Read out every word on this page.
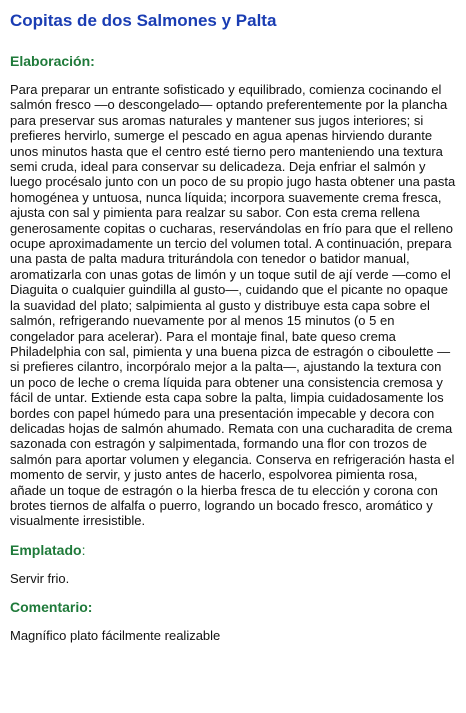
Copitas de dos Salmones y Palta
Elaboración:

Para preparar un entrante sofisticado y equilibrado, comienza cocinando el salmón fresco —o descongelado— optando preferentemente por la plancha para preservar sus aromas naturales y mantener sus jugos interiores; si prefieres hervirlo, sumerge el pescado en agua apenas hirviendo durante unos minutos hasta que el centro esté tierno pero manteniendo una textura semi cruda, ideal para conservar su delicadeza. Deja enfriar el salmón y luego procésalo junto con un poco de su propio jugo hasta obtener una pasta homogénea y untuosa, nunca líquida; incorpora suavemente crema fresca, ajusta con sal y pimienta para realzar su sabor. Con esta crema rellena generosamente copitas o cucharas, reservándolas en frío para que el relleno ocupe aproximadamente un tercio del volumen total. A continuación, prepara una pasta de palta madura triturándola con tenedor o batidor manual, aromatizarla con unas gotas de limón y un toque sutil de ají verde —como el Diaguita o cualquier guindilla al gusto—, cuidando que el picante no opaque la suavidad del plato; salpimienta al gusto y distribuye esta capa sobre el salmón, refrigerando nuevamente por al menos 15 minutos (o 5 en congelador para acelerar). Para el montaje final, bate queso crema Philadelphia con sal, pimienta y una buena pizca de estragón o ciboulette —si prefieres cilantro, incorpóralo mejor a la palta—, ajustando la textura con un poco de leche o crema líquida para obtener una consistencia cremosa y fácil de untar. Extiende esta capa sobre la palta, limpia cuidadosamente los bordes con papel húmedo para una presentación impecable y decora con delicadas hojas de salmón ahumado. Remata con una cucharadita de crema sazonada con estragón y salpimentada, formando una flor con trozos de salmón para aportar volumen y elegancia. Conserva en refrigeración hasta el momento de servir, y justo antes de hacerlo, espolvorea pimienta rosa, añade un toque de estragón o la hierba fresca de tu elección y corona con brotes tiernos de alfalfa o puerro, logrando un bocado fresco, aromático y visualmente irresistible.

Emplatado:

Servir frio.

Comentario:

Magnífico plato fácilmente realizable
